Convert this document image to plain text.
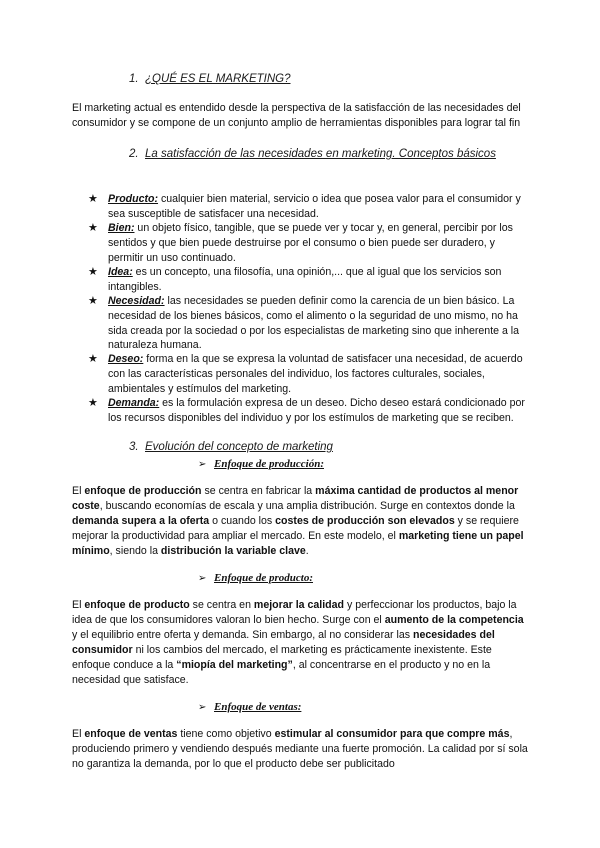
1. ¿QUÉ ES EL MARKETING?
El marketing actual es entendido desde la perspectiva de la satisfacción de las necesidades del consumidor y se compone de un conjunto amplio de herramientas disponibles para lograr tal fin
2. La satisfacción de las necesidades en marketing. Conceptos básicos
★ Producto: cualquier bien material, servicio o idea que posea valor para el consumidor y sea susceptible de satisfacer una necesidad.
★ Bien: un objeto físico, tangible, que se puede ver y tocar y, en general, percibir por los sentidos y que bien puede destruirse por el consumo o bien puede ser duradero, y permitir un uso continuado.
★ Idea: es un concepto, una filosofía, una opinión,... que al igual que los servicios son intangibles.
★ Necesidad: las necesidades se pueden definir como la carencia de un bien básico. La necesidad de los bienes básicos, como el alimento o la seguridad de uno mismo, no ha sida creada por la sociedad o por los especialistas de marketing sino que inherente a la naturaleza humana.
★ Deseo: forma en la que se expresa la voluntad de satisfacer una necesidad, de acuerdo con las características personales del individuo, los factores culturales, sociales, ambientales y estímulos del marketing.
★ Demanda: es la formulación expresa de un deseo. Dicho deseo estará condicionado por los recursos disponibles del individuo y por los estímulos de marketing que se reciben.
3. Evolución del concepto de marketing
➢ Enfoque de producción:
El enfoque de producción se centra en fabricar la máxima cantidad de productos al menor coste, buscando economías de escala y una amplia distribución. Surge en contextos donde la demanda supera a la oferta o cuando los costes de producción son elevados y se requiere mejorar la productividad para ampliar el mercado. En este modelo, el marketing tiene un papel mínimo, siendo la distribución la variable clave.
➢ Enfoque de producto:
El enfoque de producto se centra en mejorar la calidad y perfeccionar los productos, bajo la idea de que los consumidores valoran lo bien hecho. Surge con el aumento de la competencia y el equilibrio entre oferta y demanda. Sin embargo, al no considerar las necesidades del consumidor ni los cambios del mercado, el marketing es prácticamente inexistente. Este enfoque conduce a la “miopía del marketing”, al concentrarse en el producto y no en la necesidad que satisface.
➢ Enfoque de ventas:
El enfoque de ventas tiene como objetivo estimular al consumidor para que compre más, produciendo primero y vendiendo después mediante una fuerte promoción. La calidad por sí sola no garantiza la demanda, por lo que el producto debe ser publicitado
